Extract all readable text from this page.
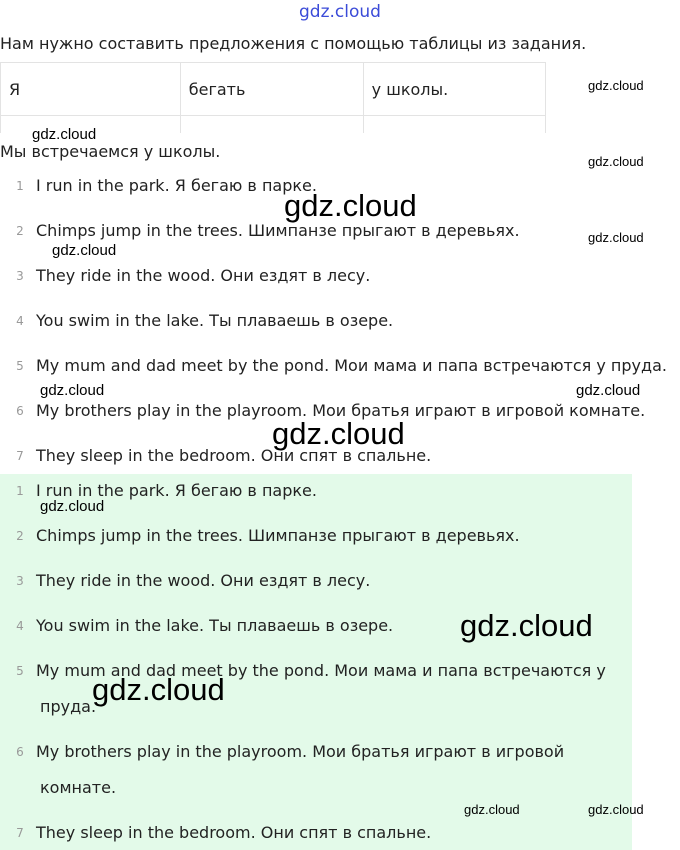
gdz.cloud
Нам нужно составить предложения с помощью таблицы из задания.
Я	бегать	у школы.

Мы встречаемся у школы.
1 I run in the park. Я бегаю в парке.
2 Chimps jump in the trees. Шимпанзе прыгают в деревьях.
3 They ride in the wood. Они ездят в лесу.
4 You swim in the lake. Ты плаваешь в озере.
5 My mum and dad meet by the pond. Мои мама и папа встречаются у пруда.
6 My brothers play in the playroom. Мои братья играют в игровой комнате.
7 They sleep in the bedroom. Они спят в спальне.
1 I run in the park. Я бегаю в парке.
2 Chimps jump in the trees. Шимпанзе прыгают в деревьях.
3 They ride in the wood. Они ездят в лесу.
4 You swim in the lake. Ты плаваешь в озере.
5 My mum and dad meet by the pond. Мои мама и папа встречаются у
пруда.
6 My brothers play in the playroom. Мои братья играют в игровой
комнате.
7 They sleep in the bedroom. Они спят в спальне.
gdz.cloud
gdz.cloud
gdz.cloud
gdz.cloud
gdz.cloud
gdz.cloud
gdz.cloud	gdz.cloud
gdz.cloud
gdz.cloud
gdz.cloud
gdz.cloud
gdz.cloud	gdz.cloud
